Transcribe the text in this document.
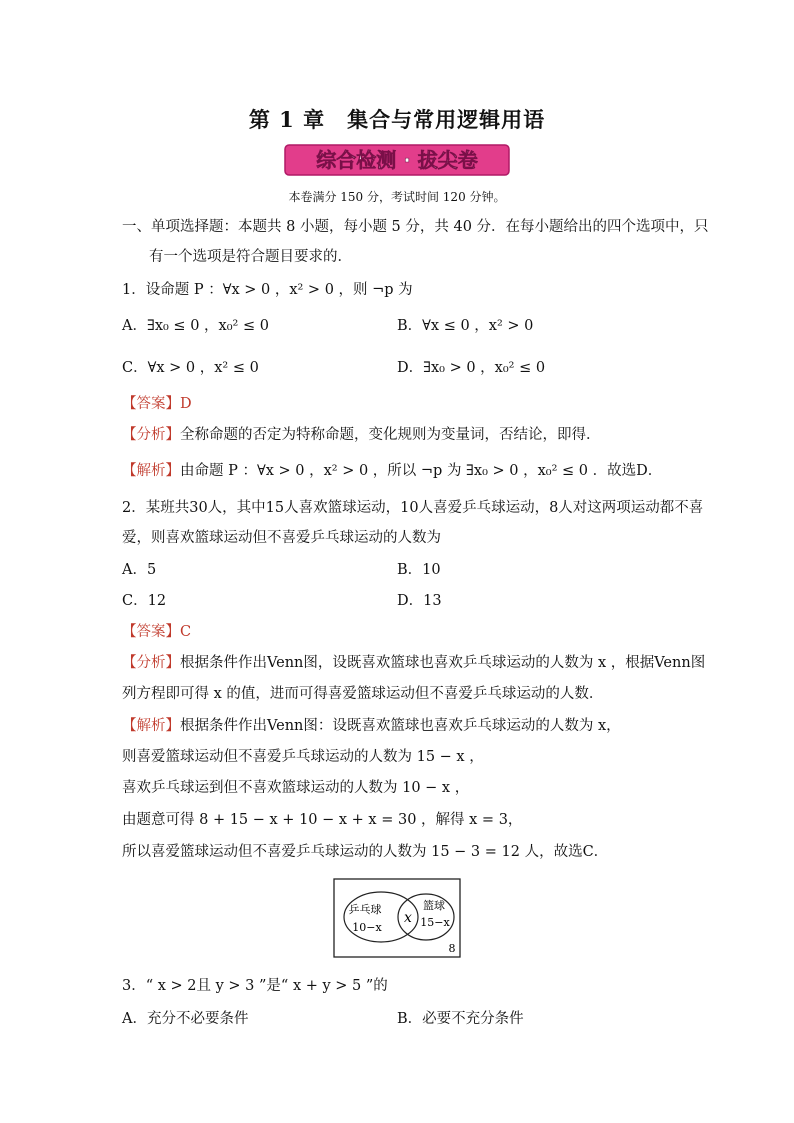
第 1 章　集合与常用逻辑用语
综合检测 · 拔尖卷
本卷满分 150 分，考试时间 120 分钟。
一、单项选择题：本题共 8 小题，每小题 5 分，共 40 分．在每小题给出的四个选项中，只
有一个选项是符合题目要求的．
1．设命题 P ：∀x > 0 ，x² > 0 ，则 ¬p 为
A．∃x₀ ≤ 0 ，x₀² ≤ 0	B．∀x ≤ 0 ，x² > 0
C．∀x > 0 ，x² ≤ 0	D．∃x₀ > 0 ，x₀² ≤ 0
【答案】D
【分析】全称命题的否定为特称命题，变化规则为变量词，否结论，即得．
【解析】由命题 P ：∀x > 0 ，x² > 0 ，所以 ¬p 为 ∃x₀ > 0 ，x₀² ≤ 0 ．故选D．
2．某班共30人，其中15人喜欢篮球运动，10人喜爱乒乓球运动，8人对这两项运动都不喜
爱，则喜欢篮球运动但不喜爱乒乓球运动的人数为
A．5	B．10
C．12	D．13
【答案】C
【分析】根据条件作出Venn图，设既喜欢篮球也喜欢乒乓球运动的人数为 x ，根据Venn图
列方程即可得 x 的值，进而可得喜爱篮球运动但不喜爱乒乓球运动的人数．
【解析】根据条件作出Venn图：设既喜欢篮球也喜欢乒乓球运动的人数为 x，
则喜爱篮球运动但不喜爱乒乓球运动的人数为 15 − x ，
喜欢乒乓球运到但不喜欢篮球运动的人数为 10 − x ，
由题意可得 8 + 15 − x + 10 − x + x = 30 ，解得 x = 3，
所以喜爱篮球运动但不喜爱乒乓球运动的人数为 15 − 3 = 12 人，故选C．
乒乓球
10−x
x
篮球
15−x
8
3．“ x > 2且 y > 3 ”是“ x + y > 5 ”的
A．充分不必要条件	B．必要不充分条件
